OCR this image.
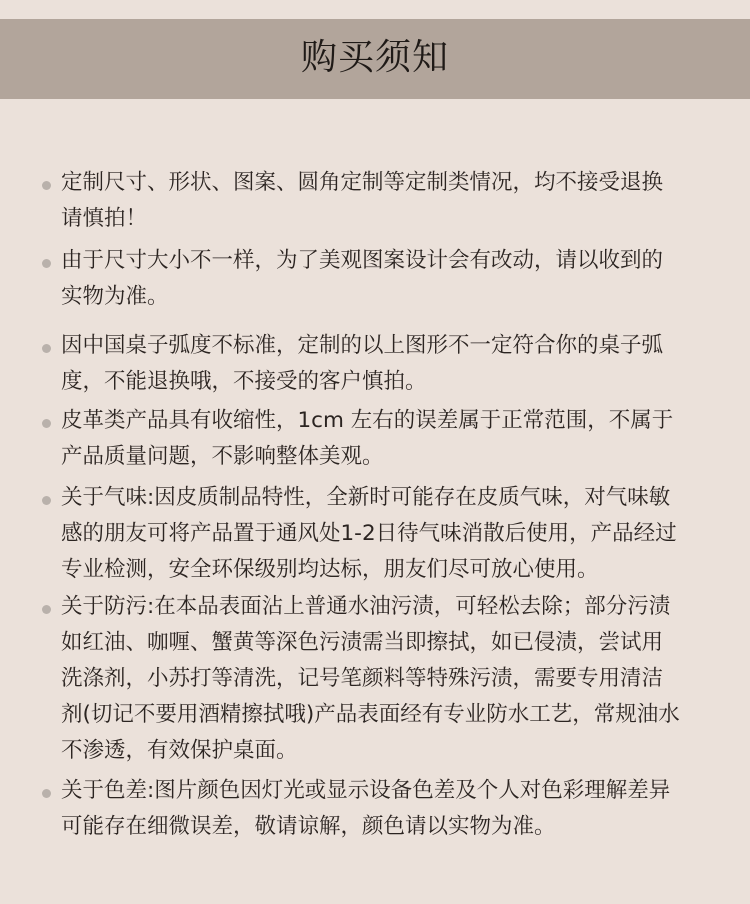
购买须知
定制尺寸、形状、图案、圆角定制等定制类情况，均不接受退换
请慎拍！
由于尺寸大小不一样，为了美观图案设计会有改动，请以收到的
实物为准。
因中国桌子弧度不标准，定制的以上图形不一定符合你的桌子弧
度，不能退换哦，不接受的客户慎拍。
皮革类产品具有收缩性，1cm 左右的误差属于正常范围，不属于
产品质量问题，不影响整体美观。
关于气味:因皮质制品特性，全新时可能存在皮质气味，对气味敏
感的朋友可将产品置于通风处1-2日待气味消散后使用，产品经过
专业检测，安全环保级别均达标，朋友们尽可放心使用。
关于防污:在本品表面沾上普通水油污渍，可轻松去除；部分污渍
如红油、咖喱、蟹黄等深色污渍需当即擦拭，如已侵渍，尝试用
洗涤剂，小苏打等清洗，记号笔颜料等特殊污渍，需要专用清洁
剂(切记不要用酒精擦拭哦)产品表面经有专业防水工艺，常规油水
不渗透，有效保护桌面。
关于色差:图片颜色因灯光或显示设备色差及个人对色彩理解差异
可能存在细微误差，敬请谅解，颜色请以实物为准。
